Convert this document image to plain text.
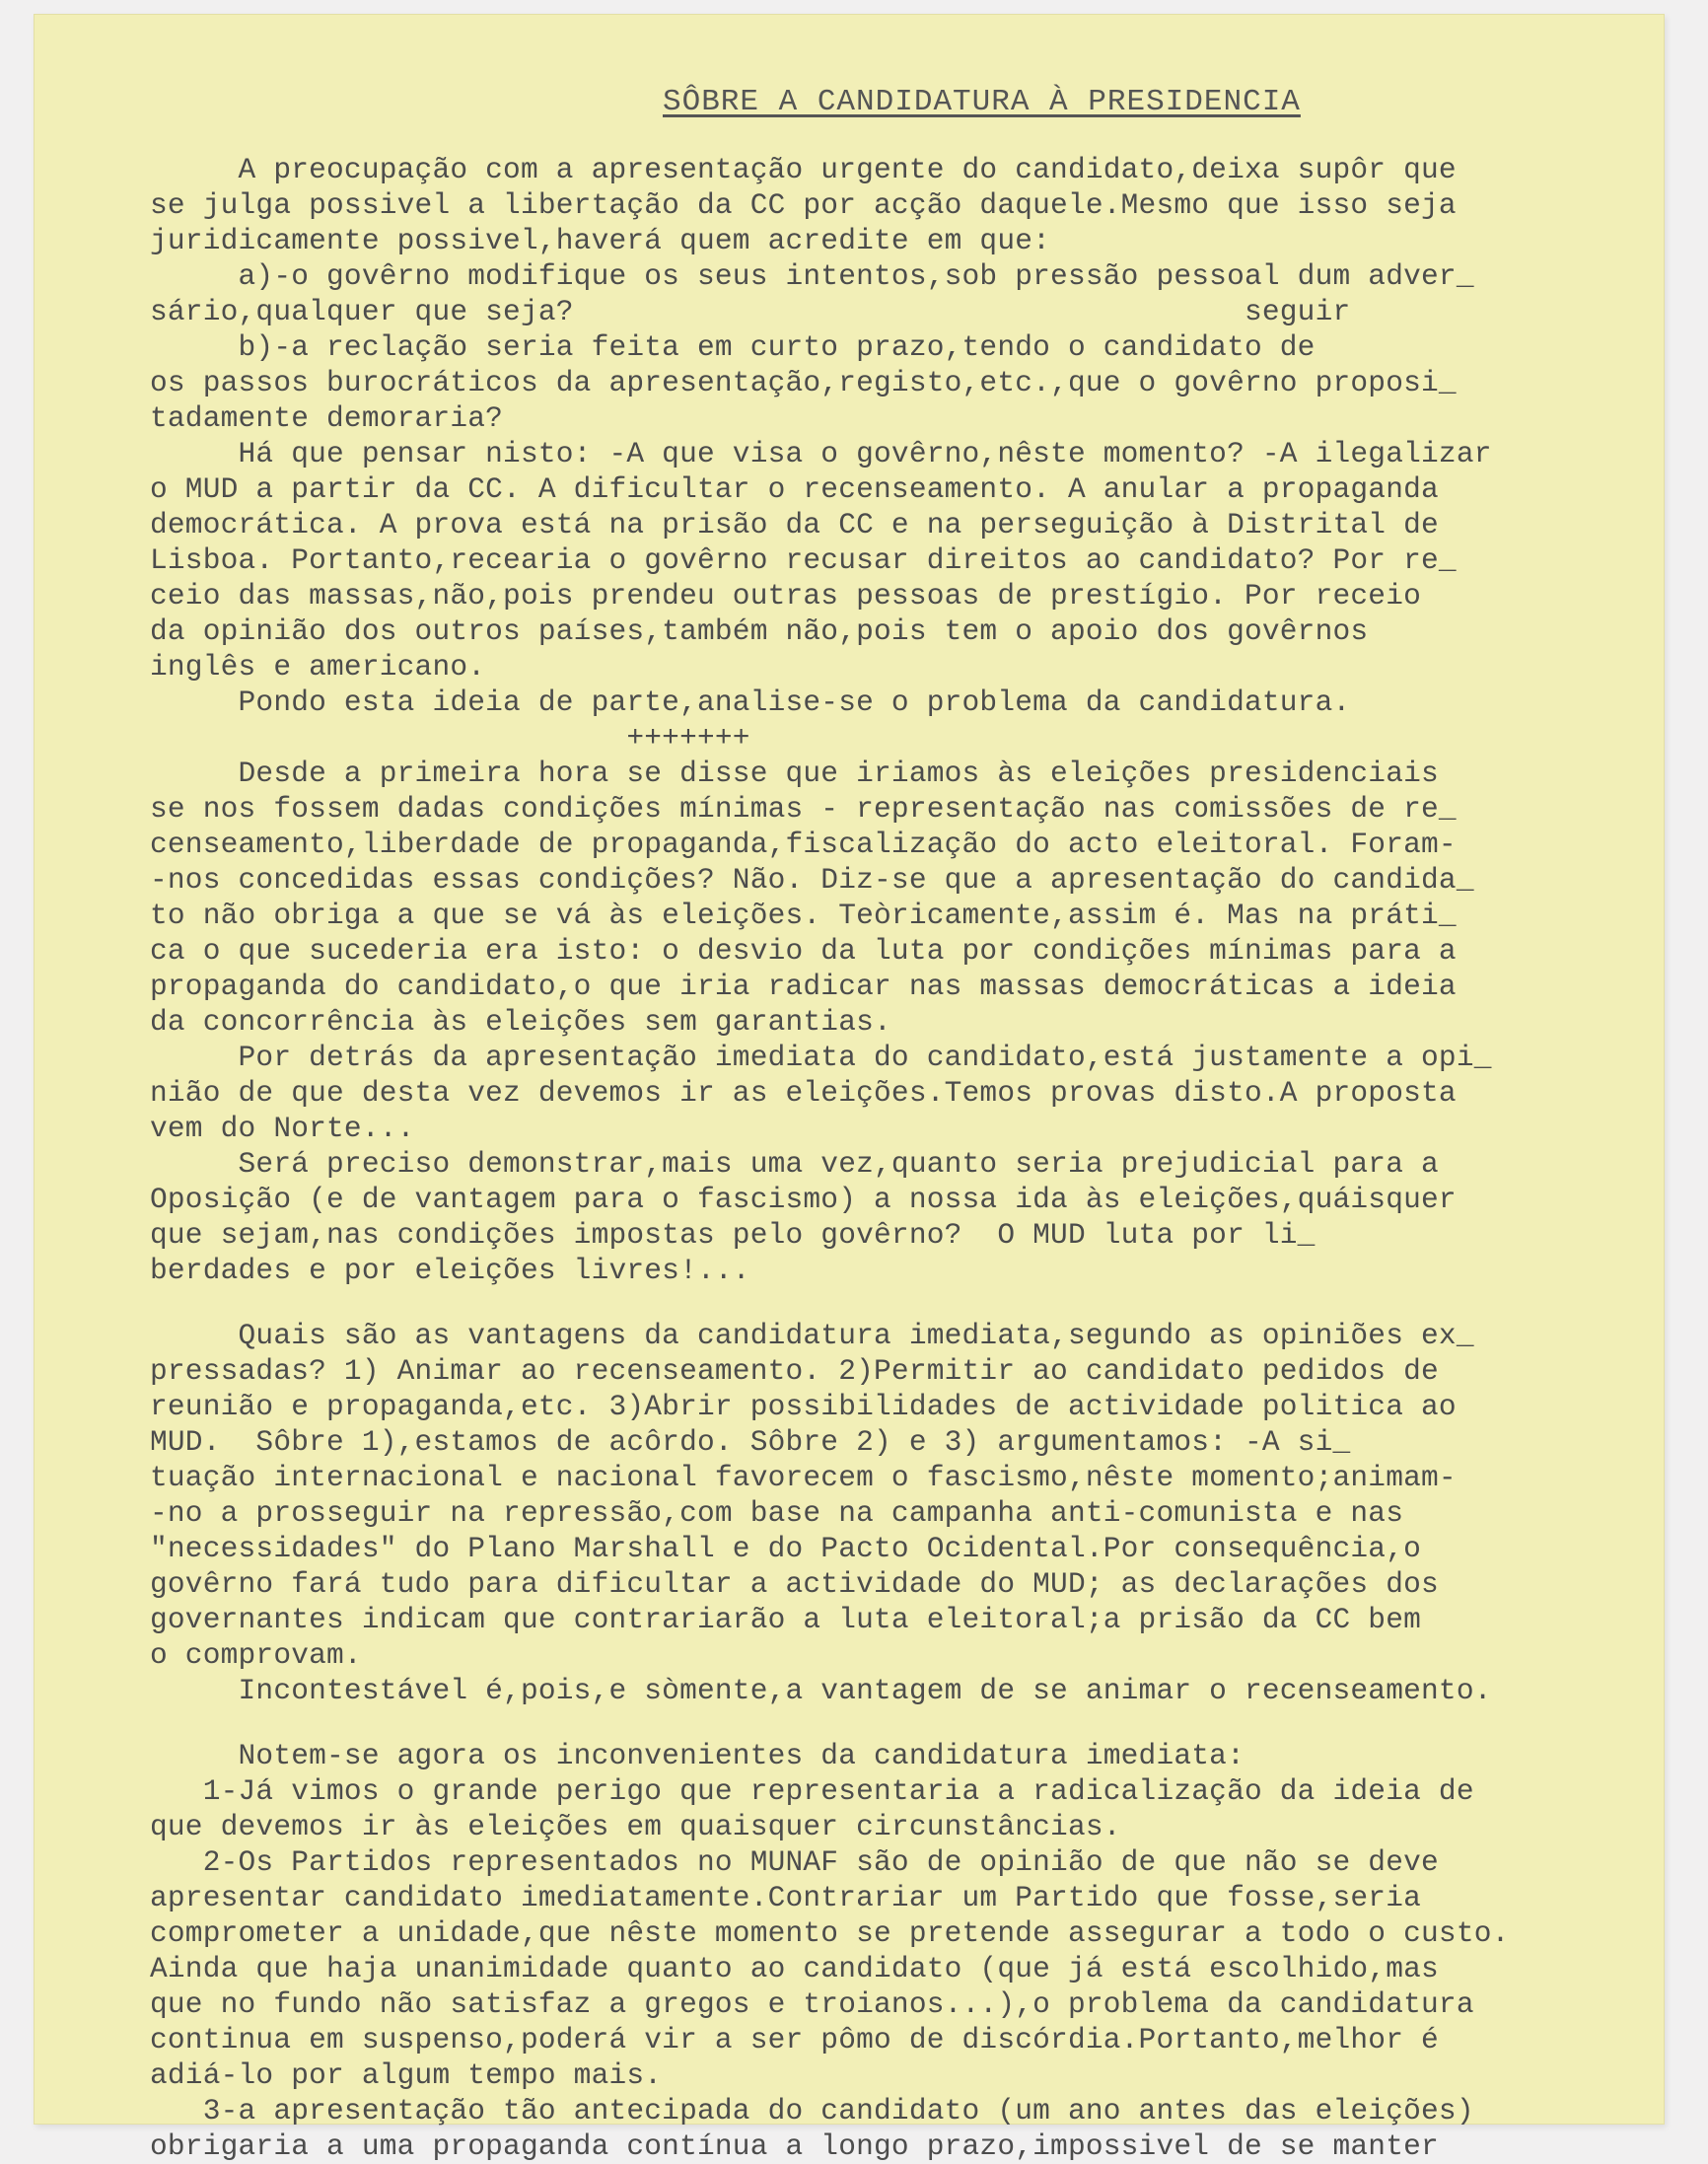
SÔBRE A CANDIDATURA À PRESIDENCIA
A preocupação com a apresentação urgente do candidato,deixa supôr que
se julga possivel a libertação da CC por acção daquele.Mesmo que isso seja
juridicamente possivel,haverá quem acredite em que:
a)-o govêrno modifique os seus intentos,sob pressão pessoal dum adver_
sário,qualquer que seja?                                      seguir
b)-a reclação seria feita em curto prazo,tendo o candidato de
os passos burocráticos da apresentação,registo,etc.,que o govêrno proposi_
tadamente demoraria?
Há que pensar nisto: -A que visa o govêrno,nêste momento? -A ilegalizar
o MUD a partir da CC. A dificultar o recenseamento. A anular a propaganda
democrática. A prova está na prisão da CC e na perseguição à Distrital de
Lisboa. Portanto,recearia o govêrno recusar direitos ao candidato? Por re_
ceio das massas,não,pois prendeu outras pessoas de prestígio. Por receio
da opinião dos outros países,também não,pois tem o apoio dos govêrnos
inglês e americano.
Pondo esta ideia de parte,analise-se o problema da candidatura.
+++++++
Desde a primeira hora se disse que iriamos às eleições presidenciais
se nos fossem dadas condições mínimas - representação nas comissões de re_
censeamento,liberdade de propaganda,fiscalização do acto eleitoral. Foram-
-nos concedidas essas condições? Não. Diz-se que a apresentação do candida_
to não obriga a que se vá às eleições. Teòricamente,assim é. Mas na práti_
ca o que sucederia era isto: o desvio da luta por condições mínimas para a
propaganda do candidato,o que iria radicar nas massas democráticas a ideia
da concorrência às eleições sem garantias.
Por detrás da apresentação imediata do candidato,está justamente a opi_
nião de que desta vez devemos ir as eleições.Temos provas disto.A proposta
vem do Norte...
Será preciso demonstrar,mais uma vez,quanto seria prejudicial para a
Oposição (e de vantagem para o fascismo) a nossa ida às eleições,quáisquer
que sejam,nas condições impostas pelo govêrno?  O MUD luta por li_
berdades e por eleições livres!...
Quais são as vantagens da candidatura imediata,segundo as opiniões ex_
pressadas? 1) Animar ao recenseamento. 2)Permitir ao candidato pedidos de
reunião e propaganda,etc. 3)Abrir possibilidades de actividade politica ao
MUD.  Sôbre 1),estamos de acôrdo. Sôbre 2) e 3) argumentamos: -A si_
tuação internacional e nacional favorecem o fascismo,nêste momento;animam-
-no a prosseguir na repressão,com base na campanha anti-comunista e nas
"necessidades" do Plano Marshall e do Pacto Ocidental.Por consequência,o
govêrno fará tudo para dificultar a actividade do MUD; as declarações dos
governantes indicam que contrariarão a luta eleitoral;a prisão da CC bem
o comprovam.
Incontestável é,pois,e sòmente,a vantagem de se animar o recenseamento.
Notem-se agora os inconvenientes da candidatura imediata:
1-Já vimos o grande perigo que representaria a radicalização da ideia de
que devemos ir às eleições em quaisquer circunstâncias.
2-Os Partidos representados no MUNAF são de opinião de que não se deve
apresentar candidato imediatamente.Contrariar um Partido que fosse,seria
comprometer a unidade,que nêste momento se pretende assegurar a todo o custo.
Ainda que haja unanimidade quanto ao candidato (que já está escolhido,mas
que no fundo não satisfaz a gregos e troianos...),o problema da candidatura
continua em suspenso,poderá vir a ser pômo de discórdia.Portanto,melhor é
adiá-lo por algum tempo mais.
3-a apresentação tão antecipada do candidato (um ano antes das eleições)
obrigaria a uma propaganda contínua a longo prazo,impossivel de se manter
